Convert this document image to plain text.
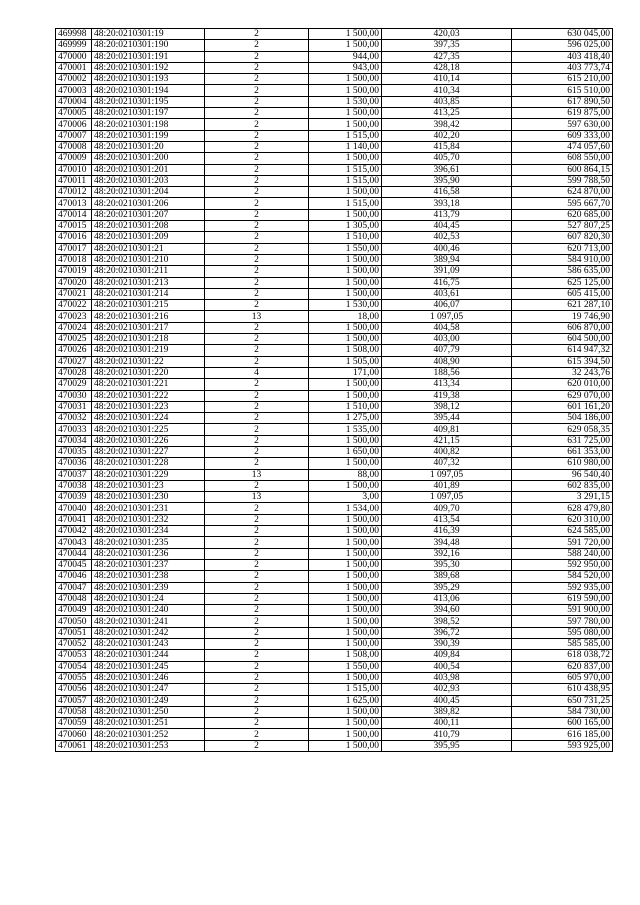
469998	48:20:0210301:19	2	1 500,00	420,03	630 045,00
469999	48:20:0210301:190	2	1 500,00	397,35	596 025,00
470000	48:20:0210301:191	2	944,00	427,35	403 418,40
470001	48:20:0210301:192	2	943,00	428,18	403 773,74
470002	48:20:0210301:193	2	1 500,00	410,14	615 210,00
470003	48:20:0210301:194	2	1 500,00	410,34	615 510,00
470004	48:20:0210301:195	2	1 530,00	403,85	617 890,50
470005	48:20:0210301:197	2	1 500,00	413,25	619 875,00
470006	48:20:0210301:198	2	1 500,00	398,42	597 630,00
470007	48:20:0210301:199	2	1 515,00	402,20	609 333,00
470008	48:20:0210301:20	2	1 140,00	415,84	474 057,60
470009	48:20:0210301:200	2	1 500,00	405,70	608 550,00
470010	48:20:0210301:201	2	1 515,00	396,61	600 864,15
470011	48:20:0210301:203	2	1 515,00	395,90	599 788,50
470012	48:20:0210301:204	2	1 500,00	416,58	624 870,00
470013	48:20:0210301:206	2	1 515,00	393,18	595 667,70
470014	48:20:0210301:207	2	1 500,00	413,79	620 685,00
470015	48:20:0210301:208	2	1 305,00	404,45	527 807,25
470016	48:20:0210301:209	2	1 510,00	402,53	607 820,30
470017	48:20:0210301:21	2	1 550,00	400,46	620 713,00
470018	48:20:0210301:210	2	1 500,00	389,94	584 910,00
470019	48:20:0210301:211	2	1 500,00	391,09	586 635,00
470020	48:20:0210301:213	2	1 500,00	416,75	625 125,00
470021	48:20:0210301:214	2	1 500,00	403,61	605 415,00
470022	48:20:0210301:215	2	1 530,00	406,07	621 287,10
470023	48:20:0210301:216	13	18,00	1 097,05	19 746,90
470024	48:20:0210301:217	2	1 500,00	404,58	606 870,00
470025	48:20:0210301:218	2	1 500,00	403,00	604 500,00
470026	48:20:0210301:219	2	1 508,00	407,79	614 947,32
470027	48:20:0210301:22	2	1 505,00	408,90	615 394,50
470028	48:20:0210301:220	4	171,00	188,56	32 243,76
470029	48:20:0210301:221	2	1 500,00	413,34	620 010,00
470030	48:20:0210301:222	2	1 500,00	419,38	629 070,00
470031	48:20:0210301:223	2	1 510,00	398,12	601 161,20
470032	48:20:0210301:224	2	1 275,00	395,44	504 186,00
470033	48:20:0210301:225	2	1 535,00	409,81	629 058,35
470034	48:20:0210301:226	2	1 500,00	421,15	631 725,00
470035	48:20:0210301:227	2	1 650,00	400,82	661 353,00
470036	48:20:0210301:228	2	1 500,00	407,32	610 980,00
470037	48:20:0210301:229	13	88,00	1 097,05	96 540,40
470038	48:20:0210301:23	2	1 500,00	401,89	602 835,00
470039	48:20:0210301:230	13	3,00	1 097,05	3 291,15
470040	48:20:0210301:231	2	1 534,00	409,70	628 479,80
470041	48:20:0210301:232	2	1 500,00	413,54	620 310,00
470042	48:20:0210301:234	2	1 500,00	416,39	624 585,00
470043	48:20:0210301:235	2	1 500,00	394,48	591 720,00
470044	48:20:0210301:236	2	1 500,00	392,16	588 240,00
470045	48:20:0210301:237	2	1 500,00	395,30	592 950,00
470046	48:20:0210301:238	2	1 500,00	389,68	584 520,00
470047	48:20:0210301:239	2	1 500,00	395,29	592 935,00
470048	48:20:0210301:24	2	1 500,00	413,06	619 590,00
470049	48:20:0210301:240	2	1 500,00	394,60	591 900,00
470050	48:20:0210301:241	2	1 500,00	398,52	597 780,00
470051	48:20:0210301:242	2	1 500,00	396,72	595 080,00
470052	48:20:0210301:243	2	1 500,00	390,39	585 585,00
470053	48:20:0210301:244	2	1 508,00	409,84	618 038,72
470054	48:20:0210301:245	2	1 550,00	400,54	620 837,00
470055	48:20:0210301:246	2	1 500,00	403,98	605 970,00
470056	48:20:0210301:247	2	1 515,00	402,93	610 438,95
470057	48:20:0210301:249	2	1 625,00	400,45	650 731,25
470058	48:20:0210301:250	2	1 500,00	389,82	584 730,00
470059	48:20:0210301:251	2	1 500,00	400,11	600 165,00
470060	48:20:0210301:252	2	1 500,00	410,79	616 185,00
470061	48:20:0210301:253	2	1 500,00	395,95	593 925,00
